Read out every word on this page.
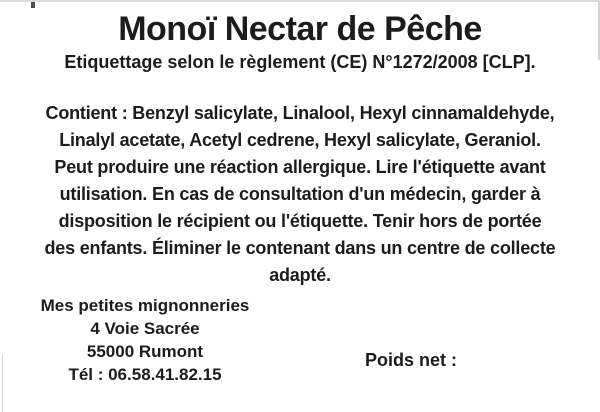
Monoï Nectar de Pêche
Etiquettage selon le règlement (CE) N°1272/2008 [CLP].
Contient : Benzyl salicylate, Linalool, Hexyl cinnamaldehyde,
Linalyl acetate, Acetyl cedrene, Hexyl salicylate, Geraniol.
Peut produire une réaction allergique. Lire l'étiquette avant
utilisation. En cas de consultation d'un médecin, garder à
disposition le récipient ou l'étiquette. Tenir hors de portée
des enfants. Éliminer le contenant dans un centre de collecte
adapté.
Mes petites mignonneries
4 Voie Sacrée
55000 Rumont
Tél : 06.58.41.82.15
Poids net :
